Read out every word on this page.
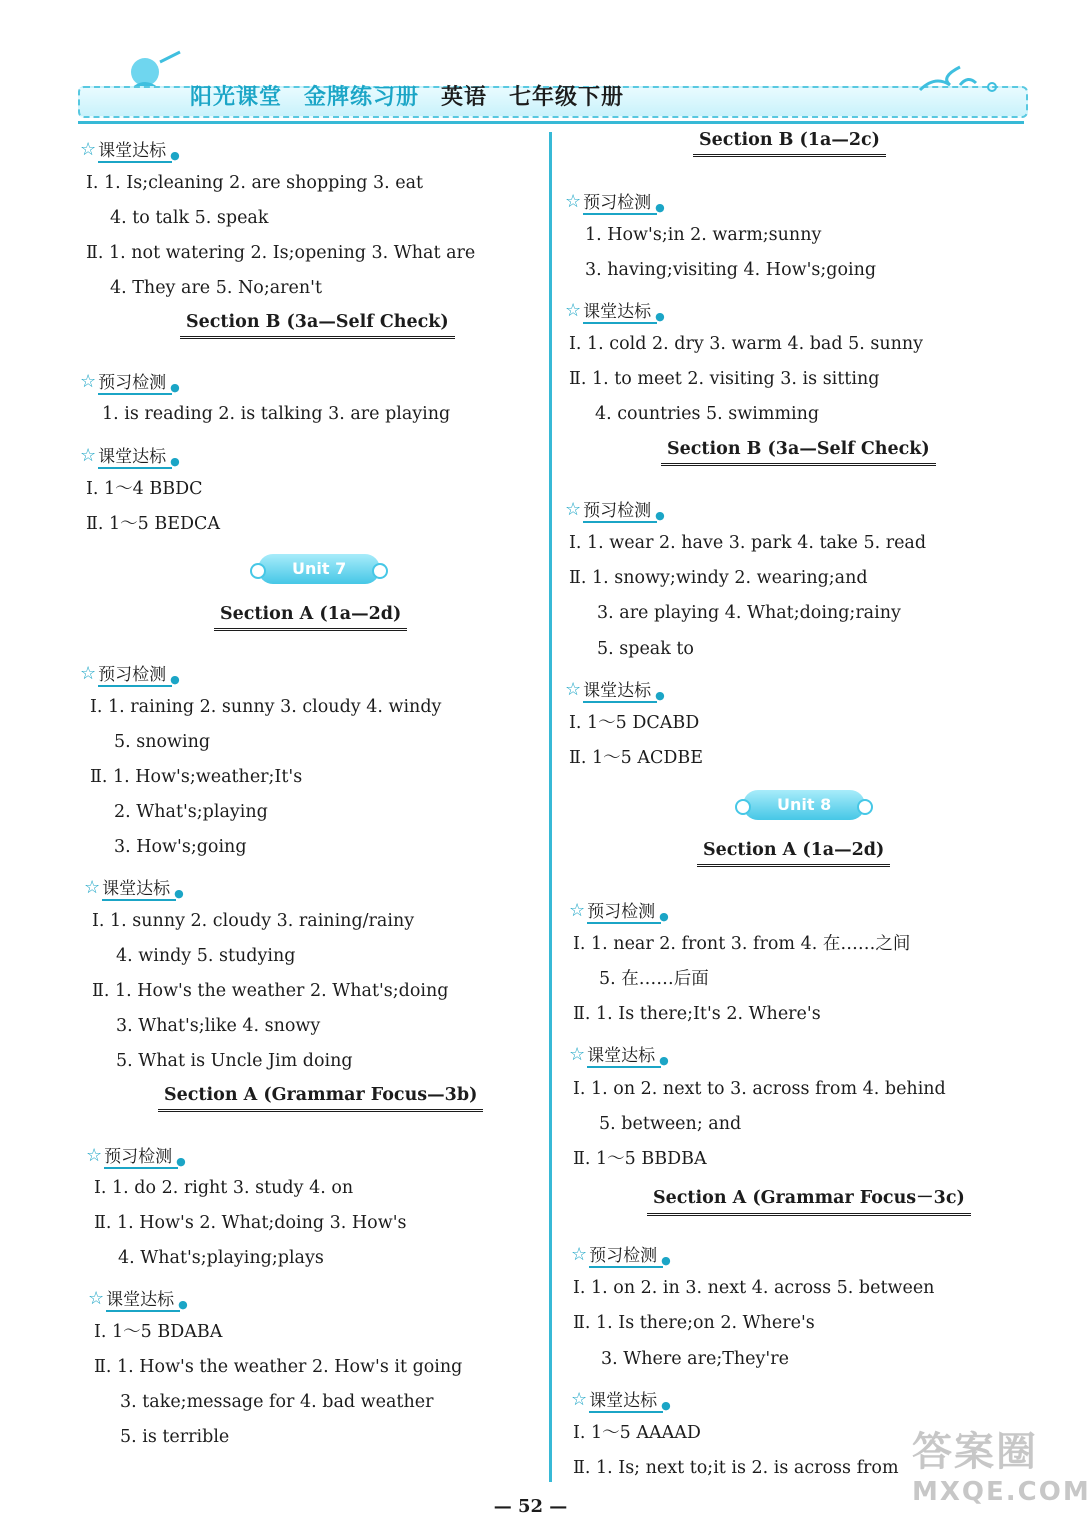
阳光课堂 金牌练习册 英语 七年级下册
☆ 课堂达标 ●
Ⅰ. 1. Is;cleaning 2. are shopping 3. eat
4. to talk 5. speak
Ⅱ. 1. not watering 2. Is;opening 3. What are
4. They are 5. No;aren't
Section B (3a—Self Check)
☆ 预习检测 ●
1. is reading 2. is talking 3. are playing
☆ 课堂达标 ●
Ⅰ. 1～4 BBDC
Ⅱ. 1～5 BEDCA
Unit 7
Section A (1a—2d)
☆ 预习检测 ●
Ⅰ. 1. raining 2. sunny 3. cloudy 4. windy
5. snowing
Ⅱ. 1. How's;weather;It's
2. What's;playing
3. How's;going
☆ 课堂达标 ●
Ⅰ. 1. sunny 2. cloudy 3. raining/rainy
4. windy 5. studying
Ⅱ. 1. How's the weather 2. What's;doing
3. What's;like 4. snowy
5. What is Uncle Jim doing
Section A (Grammar Focus—3b)
☆ 预习检测 ●
Ⅰ. 1. do 2. right 3. study 4. on
Ⅱ. 1. How's 2. What;doing 3. How's
4. What's;playing;plays
☆ 课堂达标 ●
Ⅰ. 1～5 BDABA
Ⅱ. 1. How's the weather 2. How's it going
3. take;message for 4. bad weather
5. is terrible
Section B (1a—2c)
☆ 预习检测 ●
1. How's;in 2. warm;sunny
3. having;visiting 4. How's;going
☆ 课堂达标 ●
Ⅰ. 1. cold 2. dry 3. warm 4. bad 5. sunny
Ⅱ. 1. to meet 2. visiting 3. is sitting
4. countries 5. swimming
Section B (3a—Self Check)
☆ 预习检测 ●
Ⅰ. 1. wear 2. have 3. park 4. take 5. read
Ⅱ. 1. snowy;windy 2. wearing;and
3. are playing 4. What;doing;rainy
5. speak to
☆ 课堂达标 ●
Ⅰ. 1～5 DCABD
Ⅱ. 1～5 ACDBE
Unit 8
Section A (1a—2d)
☆ 预习检测 ●
Ⅰ. 1. near 2. front 3. from 4. 在……之间
5. 在……后面
Ⅱ. 1. Is there;It's 2. Where's
☆ 课堂达标 ●
Ⅰ. 1. on 2. next to 3. across from 4. behind
5. between; and
Ⅱ. 1～5 BBDBA
Section A (Grammar Focus－3c)
☆ 预习检测 ●
Ⅰ. 1. on 2. in 3. next 4. across 5. between
Ⅱ. 1. Is there;on 2. Where's
3. Where are;They're
☆ 课堂达标 ●
Ⅰ. 1～5 AAAAD
Ⅱ. 1. Is; next to;it is 2. is across from
— 52 —
答案圈
MXQE.COM
